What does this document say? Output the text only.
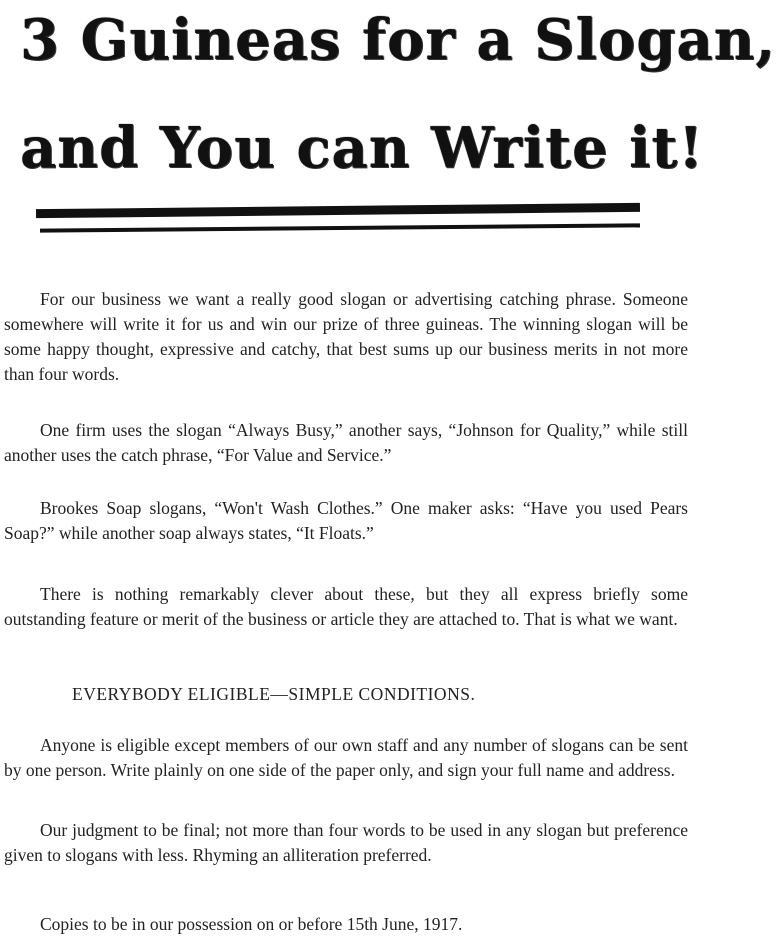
3 Guineas for a Slogan,
and You can Write it!

For our business we want a really good slogan or advertising catching phrase. Someone somewhere will write it for us and win our prize of three guineas. The winning slogan will be some happy thought, expressive and catchy, that best sums up our business merits in not more than four words.

One firm uses the slogan “Always Busy,” another says, “Johnson for Quality,” while still another uses the catch phrase, “For Value and Service.”

Brookes Soap slogans, “Won't Wash Clothes.” One maker asks: “Have you used Pears Soap?” while another soap always states, “It Floats.”

There is nothing remarkably clever about these, but they all express briefly some outstanding feature or merit of the business or article they are attached to. That is what we want.

EVERYBODY ELIGIBLE—SIMPLE CONDITIONS.

Anyone is eligible except members of our own staff and any number of slogans can be sent by one person. Write plainly on one side of the paper only, and sign your full name and address.

Our judgment to be final; not more than four words to be used in any slogan but preference given to slogans with less. Rhyming an alliteration preferred.

Copies to be in our possession on or before 15th June, 1917.
